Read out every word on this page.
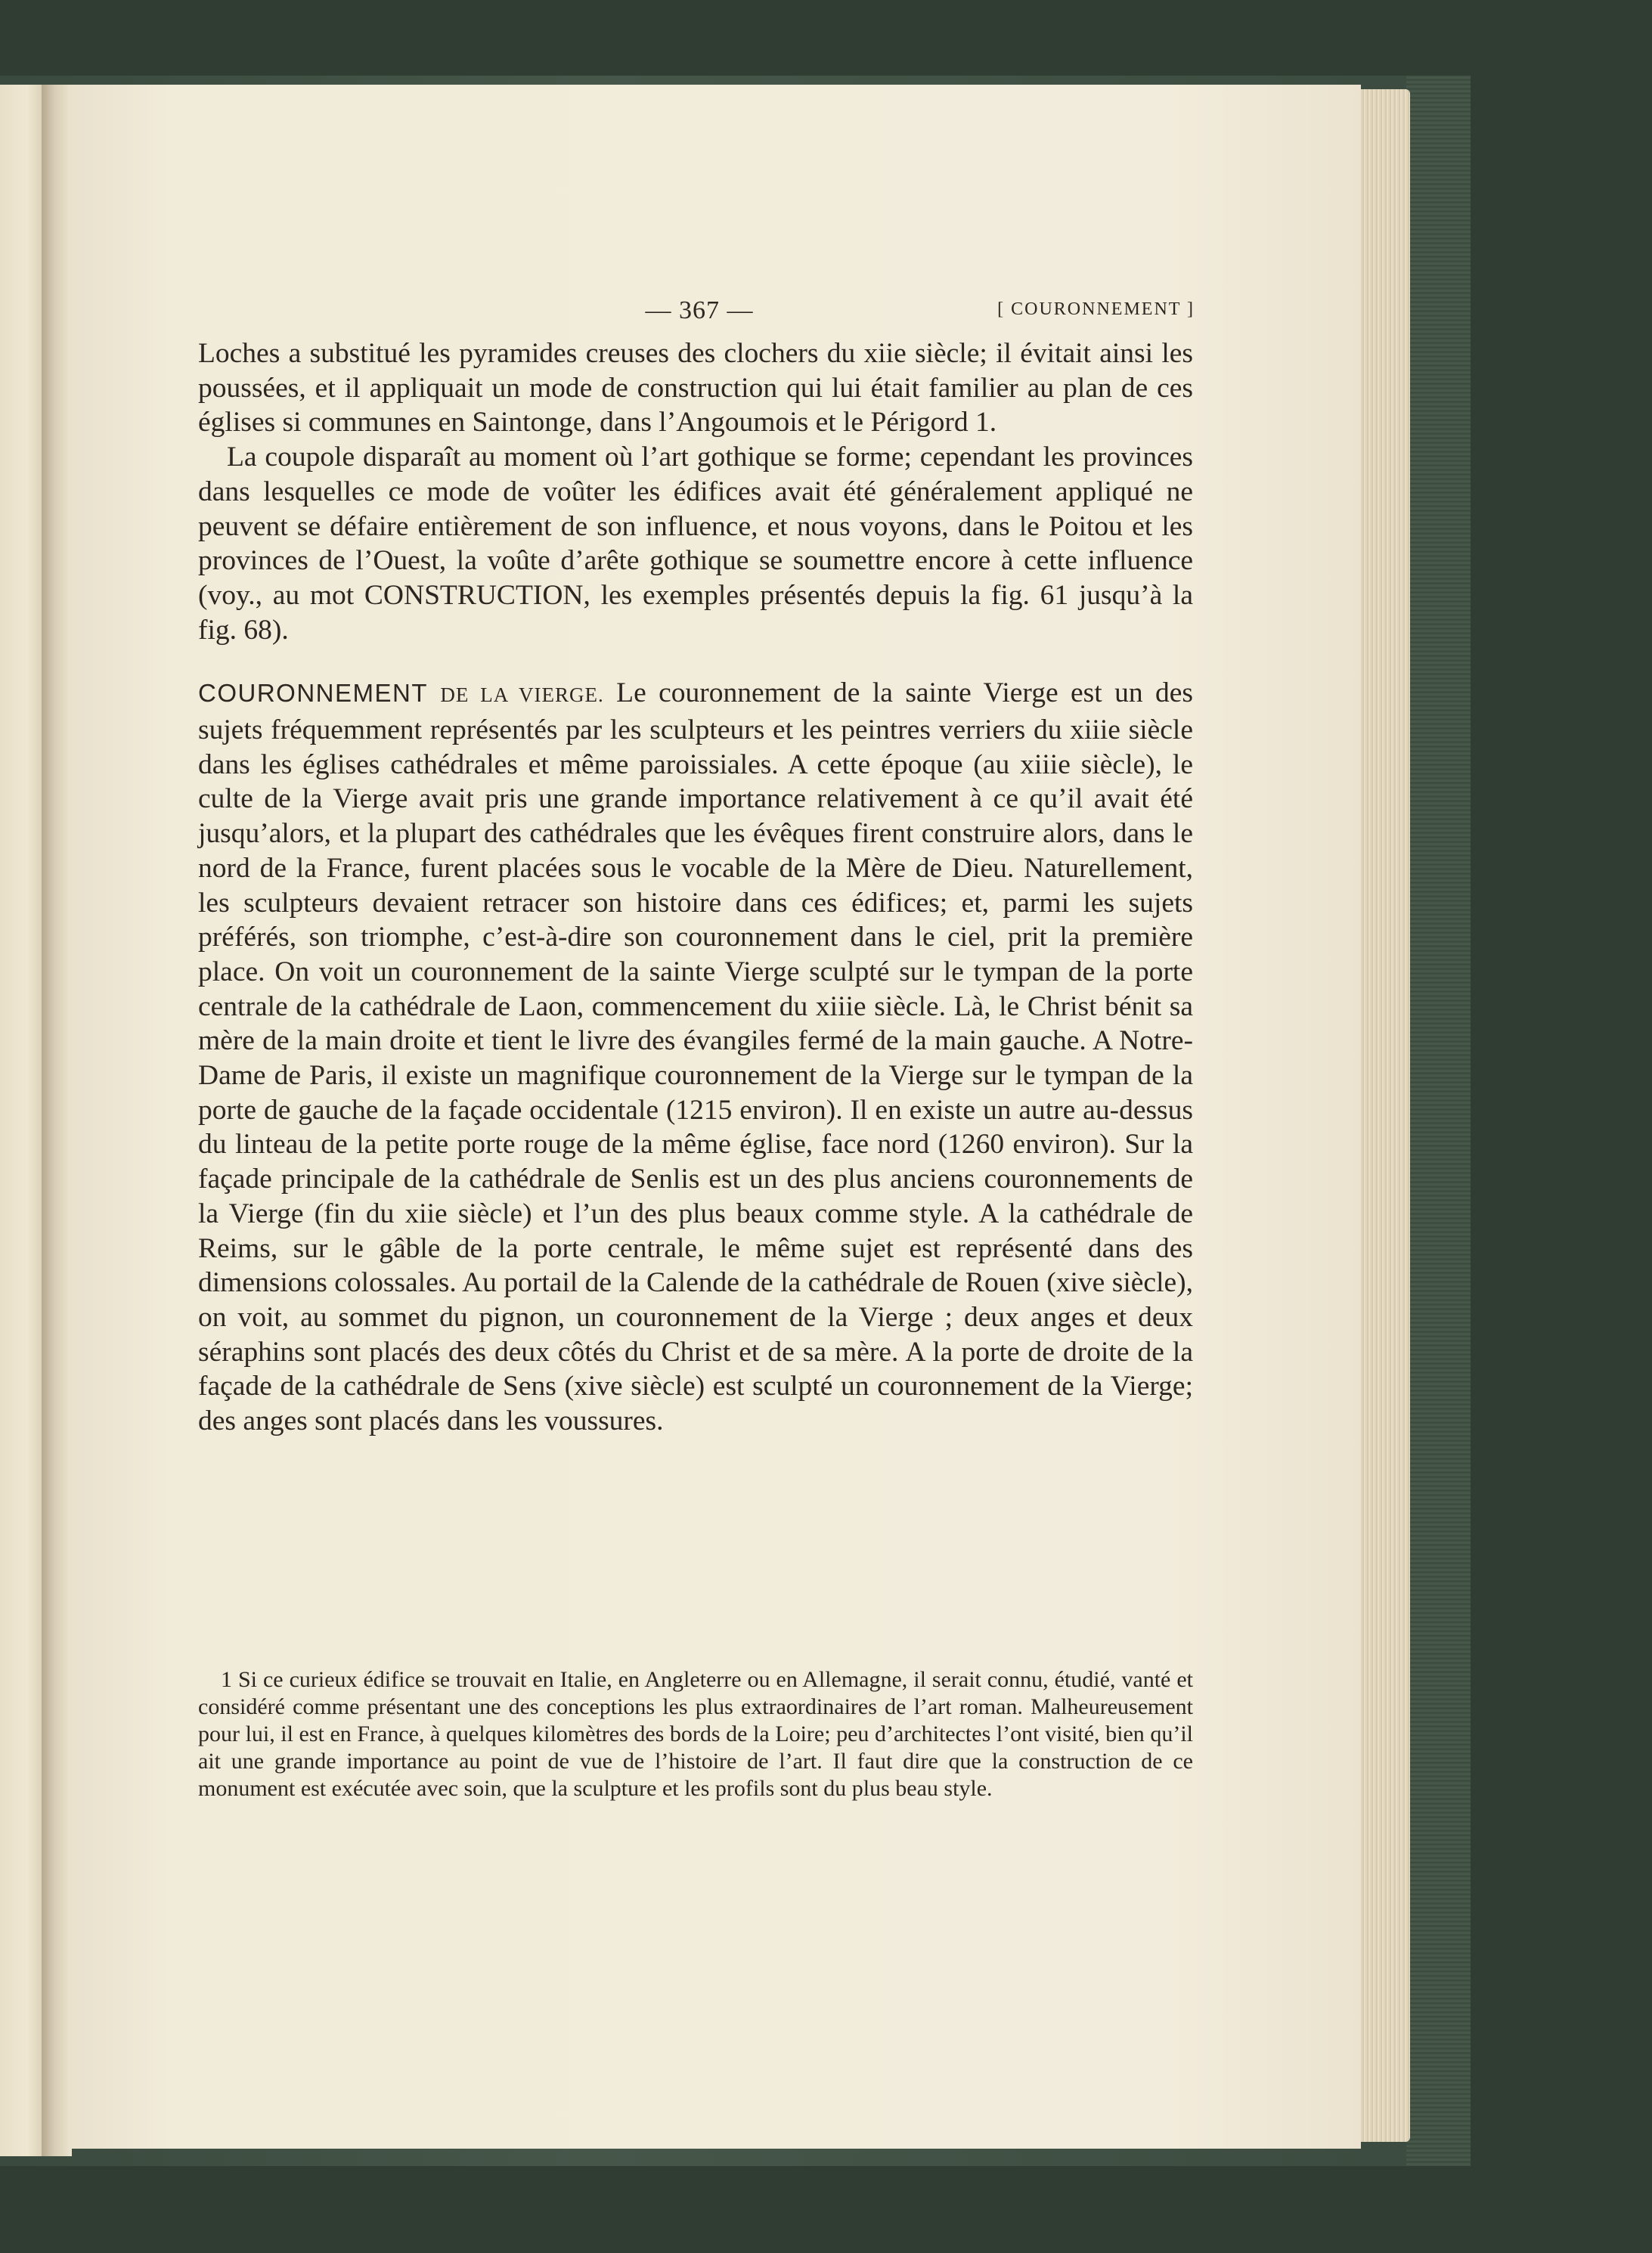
— 367 —	[ COURONNEMENT ]

Loches a substitué les pyramides creuses des clochers du xiie siècle; il évitait ainsi les poussées, et il appliquait un mode de construction qui lui était familier au plan de ces églises si communes en Saintonge, dans l’Angoumois et le Périgord 1.

La coupole disparaît au moment où l’art gothique se forme; cependant les provinces dans lesquelles ce mode de voûter les édifices avait été généralement appliqué ne peuvent se défaire entièrement de son influence, et nous voyons, dans le Poitou et les provinces de l’Ouest, la voûte d’arête gothique se soumettre encore à cette influence (voy., au mot CONSTRUCTION, les exemples présentés depuis la fig. 61 jusqu’à la fig. 68).

COURONNEMENT DE LA VIERGE. Le couronnement de la sainte Vierge est un des sujets fréquemment représentés par les sculpteurs et les peintres verriers du xiiie siècle dans les églises cathédrales et même paroissiales. A cette époque (au xiiie siècle), le culte de la Vierge avait pris une grande importance relativement à ce qu’il avait été jusqu’alors, et la plupart des cathédrales que les évêques firent construire alors, dans le nord de la France, furent placées sous le vocable de la Mère de Dieu. Naturellement, les sculpteurs devaient retracer son histoire dans ces édifices; et, parmi les sujets préférés, son triomphe, c’est-à-dire son couronnement dans le ciel, prit la première place. On voit un couronnement de la sainte Vierge sculpté sur le tympan de la porte centrale de la cathédrale de Laon, commencement du xiiie siècle. Là, le Christ bénit sa mère de la main droite et tient le livre des évangiles fermé de la main gauche. A Notre-Dame de Paris, il existe un magnifique couronnement de la Vierge sur le tympan de la porte de gauche de la façade occidentale (1215 environ). Il en existe un autre au-dessus du linteau de la petite porte rouge de la même église, face nord (1260 environ). Sur la façade principale de la cathédrale de Senlis est un des plus anciens couronnements de la Vierge (fin du xiie siècle) et l’un des plus beaux comme style. A la cathédrale de Reims, sur le gâble de la porte centrale, le même sujet est représenté dans des dimensions colossales. Au portail de la Calende de la cathédrale de Rouen (xive siècle), on voit, au sommet du pignon, un couronnement de la Vierge ; deux anges et deux séraphins sont placés des deux côtés du Christ et de sa mère. A la porte de droite de la façade de la cathédrale de Sens (xive siècle) est sculpté un couronnement de la Vierge; des anges sont placés dans les voussures.

1 Si ce curieux édifice se trouvait en Italie, en Angleterre ou en Allemagne, il serait connu, étudié, vanté et considéré comme présentant une des conceptions les plus extraordinaires de l’art roman. Malheureusement pour lui, il est en France, à quelques kilomètres des bords de la Loire; peu d’architectes l’ont visité, bien qu’il ait une grande importance au point de vue de l’histoire de l’art. Il faut dire que la construction de ce monument est exécutée avec soin, que la sculpture et les profils sont du plus beau style.
